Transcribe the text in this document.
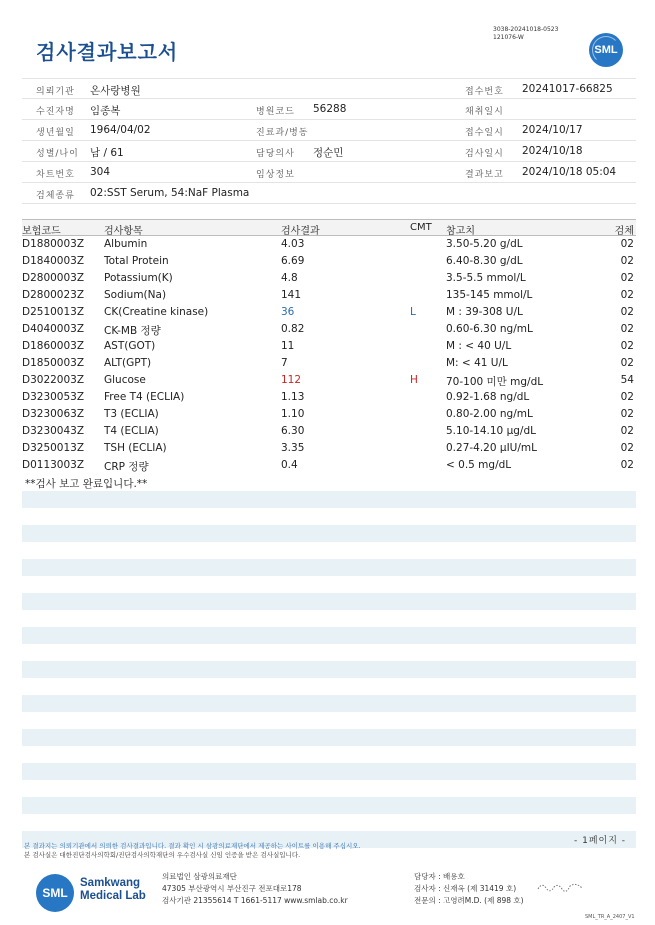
검사결과보고서
3038-20241018-0523
121076-W
SML
의뢰기관 온사랑병원	접수번호 20241017-66825
수진자명 임종복	병원코드 56288	채취일시
생년월일 1964/04/02	진료과/병동	접수일시 2024/10/17
성별/나이 남 / 61	담당의사 정순민	검사일시 2024/10/18
차트번호 304	임상정보	결과보고 2024/10/18 05:04
검체종류 02:SST Serum, 54:NaF Plasma
보험코드	검사항목	검사결과	CMT 참고치	검체
D1880003Z Albumin	4.03	3.50-5.20 g/dL	02
D1840003Z Total Protein	6.69	6.40-8.30 g/dL	02
D2800003Z Potassium(K)	4.8	3.5-5.5 mmol/L	02
D2800023Z Sodium(Na)	141	135-145 mmol/L	02
D2510013Z CK(Creatine kinase)	36	L	M : 39-308 U/L	02
D4040003Z CK-MB 정량	0.82	0.60-6.30 ng/mL	02
D1860003Z AST(GOT)	11	M : < 40 U/L	02
D1850003Z ALT(GPT)	7	M: < 41 U/L	02
D3022003Z Glucose	112	H	70-100 미만 mg/dL	54
D3230053Z Free T4 (ECLIA)	1.13	0.92-1.68 ng/dL	02
D3230063Z T3 (ECLIA)	1.10	0.80-2.00 ng/mL	02
D3230043Z T4 (ECLIA)	6.30	5.10-14.10 μg/dL	02
D3250013Z TSH (ECLIA)	3.35	0.27-4.20 μIU/mL	02
D0113003Z CRP 정량	0.4	< 0.5 mg/dL	02
**검사 보고 완료입니다.**
- 1페이지 -
본 결과지는 의뢰기관에서 의뢰한 검사결과입니다. 결과 확인 시 삼광의료재단에서 제공하는 사이트를 이용해 주십시오.
본 검사실은 대한진단검사의학회/진단검사의학재단의 우수검사실 신임 인증을 받은 검사실입니다.
SML
Samkwang
Medical Lab
의료법인 삼광의료재단
47305 부산광역시 부산진구 전포대로178
검사기관 21355614 T 1661-5117 www.smlab.co.kr
담당자 : 배용호
검사자 : 신재옥 (제 31419 호)
전문의 : 고영려M.D. (제 898 호)
SML_TR_A_2407_V1
